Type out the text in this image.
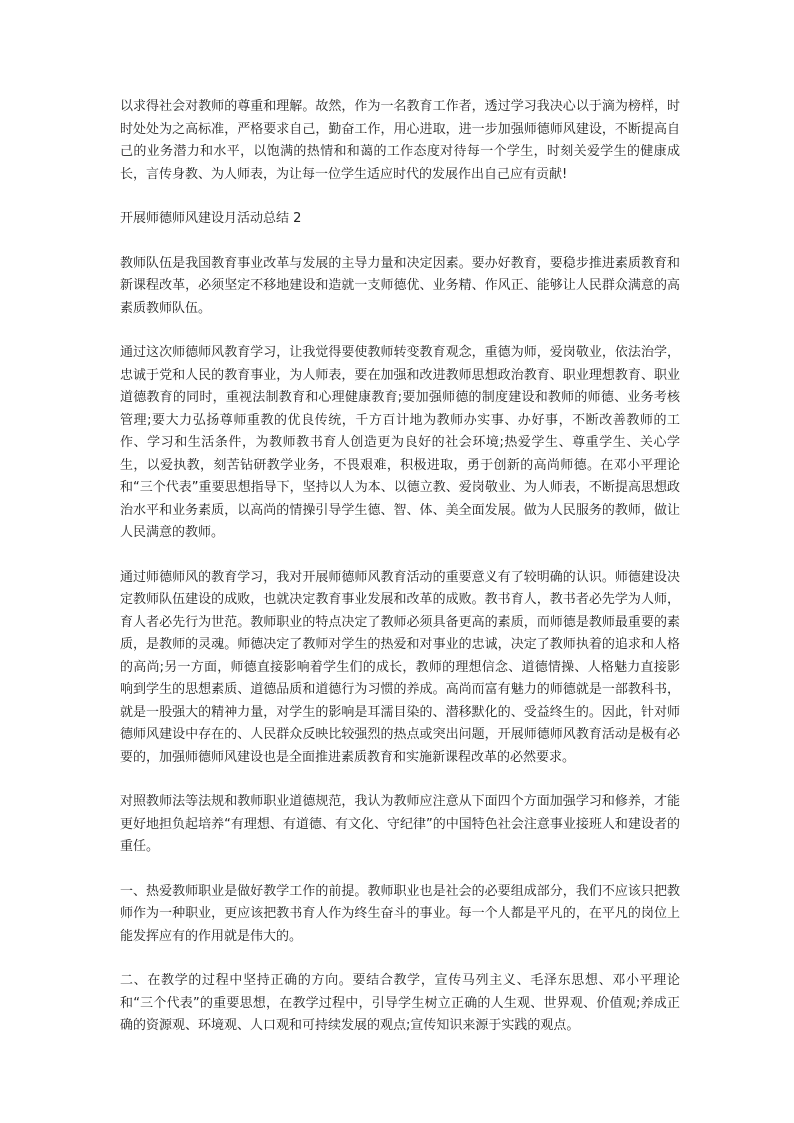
以求得社会对教师的尊重和理解。故然，作为一名教育工作者，透过学习我决心以于滴为榜样，时时处处为之高标准，严格要求自己，勤奋工作，用心进取，进一步加强师德师风建设，不断提高自己的业务潜力和水平，以饱满的热情和和蔼的工作态度对待每一个学生，时刻关爱学生的健康成长，言传身教、为人师表，为让每一位学生适应时代的发展作出自己应有贡献!

开展师德师风建设月活动总结 2

教师队伍是我国教育事业改革与发展的主导力量和决定因素。要办好教育，要稳步推进素质教育和新课程改革，必须坚定不移地建设和造就一支师德优、业务精、作风正、能够让人民群众满意的高素质教师队伍。

通过这次师德师风教育学习，让我觉得要使教师转变教育观念，重德为师，爱岗敬业，依法治学，忠诚于党和人民的教育事业，为人师表，要在加强和改进教师思想政治教育、职业理想教育、职业道德教育的同时，重视法制教育和心理健康教育;要加强师德的制度建设和教师的师德、业务考核管理;要大力弘扬尊师重教的优良传统，千方百计地为教师办实事、办好事，不断改善教师的工作、学习和生活条件，为教师教书育人创造更为良好的社会环境;热爱学生、尊重学生、关心学生，以爱执教，刻苦钻研教学业务，不畏艰难，积极进取，勇于创新的高尚师德。在邓小平理论和“三个代表”重要思想指导下，坚持以人为本、以德立教、爱岗敬业、为人师表，不断提高思想政治水平和业务素质，以高尚的情操引导学生德、智、体、美全面发展。做为人民服务的教师，做让人民满意的教师。

通过师德师风的教育学习，我对开展师德师风教育活动的重要意义有了较明确的认识。师德建设决定教师队伍建设的成败，也就决定教育事业发展和改革的成败。教书育人，教书者必先学为人师，育人者必先行为世范。教师职业的特点决定了教师必须具备更高的素质，而师德是教师最重要的素质，是教师的灵魂。师德决定了教师对学生的热爱和对事业的忠诚，决定了教师执着的追求和人格的高尚;另一方面，师德直接影响着学生们的成长，教师的理想信念、道德情操、人格魅力直接影响到学生的思想素质、道德品质和道德行为习惯的养成。高尚而富有魅力的师德就是一部教科书，就是一股强大的精神力量，对学生的影响是耳濡目染的、潜移默化的、受益终生的。因此，针对师德师风建设中存在的、人民群众反映比较强烈的热点或突出问题，开展师德师风教育活动是极有必要的，加强师德师风建设也是全面推进素质教育和实施新课程改革的必然要求。

对照教师法等法规和教师职业道德规范，我认为教师应注意从下面四个方面加强学习和修养，才能更好地担负起培养“有理想、有道德、有文化、守纪律”的中国特色社会注意事业接班人和建设者的重任。

一、热爱教师职业是做好教学工作的前提。教师职业也是社会的必要组成部分，我们不应该只把教师作为一种职业，更应该把教书育人作为终生奋斗的事业。每一个人都是平凡的，在平凡的岗位上能发挥应有的作用就是伟大的。

二、在教学的过程中坚持正确的方向。要结合教学，宣传马列主义、毛泽东思想、邓小平理论和“三个代表”的重要思想，在教学过程中，引导学生树立正确的人生观、世界观、价值观;养成正确的资源观、环境观、人口观和可持续发展的观点;宣传知识来源于实践的观点。
